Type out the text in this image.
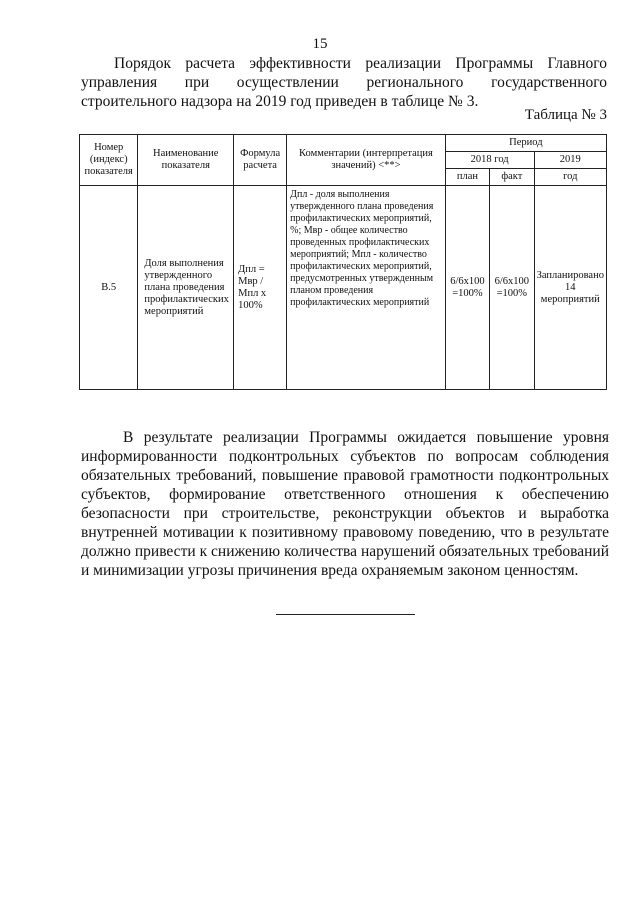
15

Порядок расчета эффективности реализации Программы Главного управления при осуществлении регионального государственного строительного надзора на 2019 год приведен в таблице № 3.

Таблица № 3
Номер (индекс) показателя	Наименование показателя	Формула расчета	Комментарии (интерпретация значений) <**>	Период		
				2018 год		2019
				план	факт	год
B.5	Доля выполнения утвержденного плана проведения профилактических мероприятий	Дпл = Мвр / Мпл х 100%	Дпл - доля выполнения утвержденного плана проведения профилактических мероприятий, %; Мвр - общее количество проведенных профилактических мероприятий; Мпл - количество профилактических мероприятий, предусмотренных утвержденным планом проведения профилактических мероприятий	6/6х100 =100%	6/6х100 =100%	Запланировано 14 мероприятий

В результате реализации Программы ожидается повышение уровня информированности подконтрольных субъектов по вопросам соблюдения обязательных требований, повышение правовой грамотности подконтрольных субъектов, формирование ответственного отношения к обеспечению безопасности при строительстве, реконструкции объектов и выработка внутренней мотивации к позитивному правовому поведению, что в результате должно привести к снижению количества нарушений обязательных требований и минимизации угрозы причинения вреда охраняемым законом ценностям.
